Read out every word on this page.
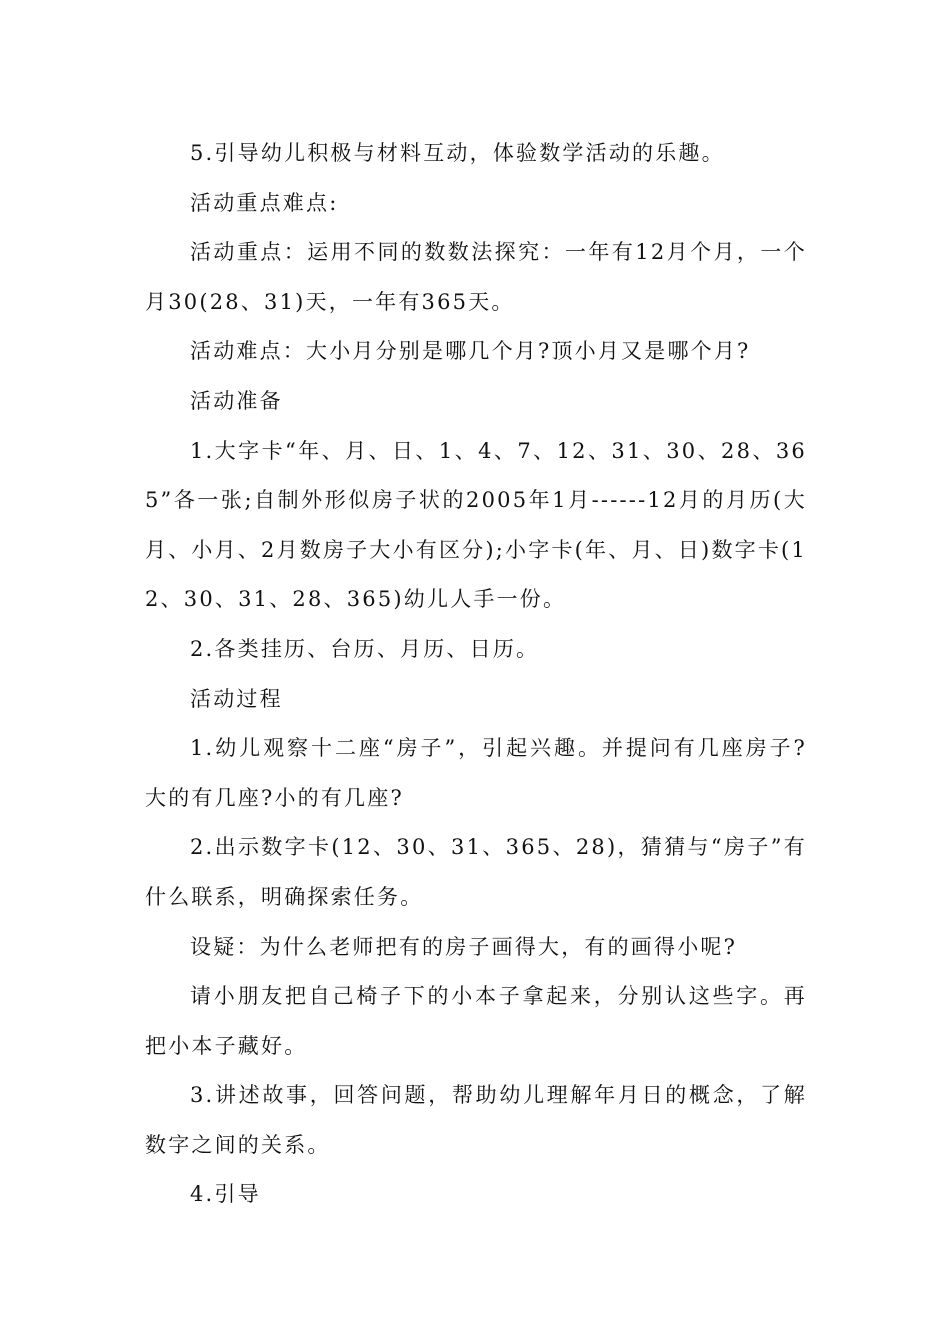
5.引导幼儿积极与材料互动，体验数学活动的乐趣。

活动重点难点:

活动重点：运用不同的数数法探究：一年有12月个月，一个月30(28、31)天，一年有365天。

活动难点：大小月分别是哪几个月?顶小月又是哪个月?

活动准备

1.大字卡“年、月、日、1、4、7、12、31、30、28、365”各一张;自制外形似房子状的2005年1月------12月的月历(大月、小月、2月数房子大小有区分);小字卡(年、月、日)数字卡(12、30、31、28、365)幼儿人手一份。

2.各类挂历、台历、月历、日历。

活动过程

1.幼儿观察十二座“房子”，引起兴趣。并提问有几座房子?大的有几座?小的有几座?

2.出示数字卡(12、30、31、365、28)，猜猜与“房子”有什么联系，明确探索任务。

设疑：为什么老师把有的房子画得大，有的画得小呢?

请小朋友把自己椅子下的小本子拿起来，分别认这些字。再把小本子藏好。

3.讲述故事，回答问题，帮助幼儿理解年月日的概念，了解数字之间的关系。

4.引导
